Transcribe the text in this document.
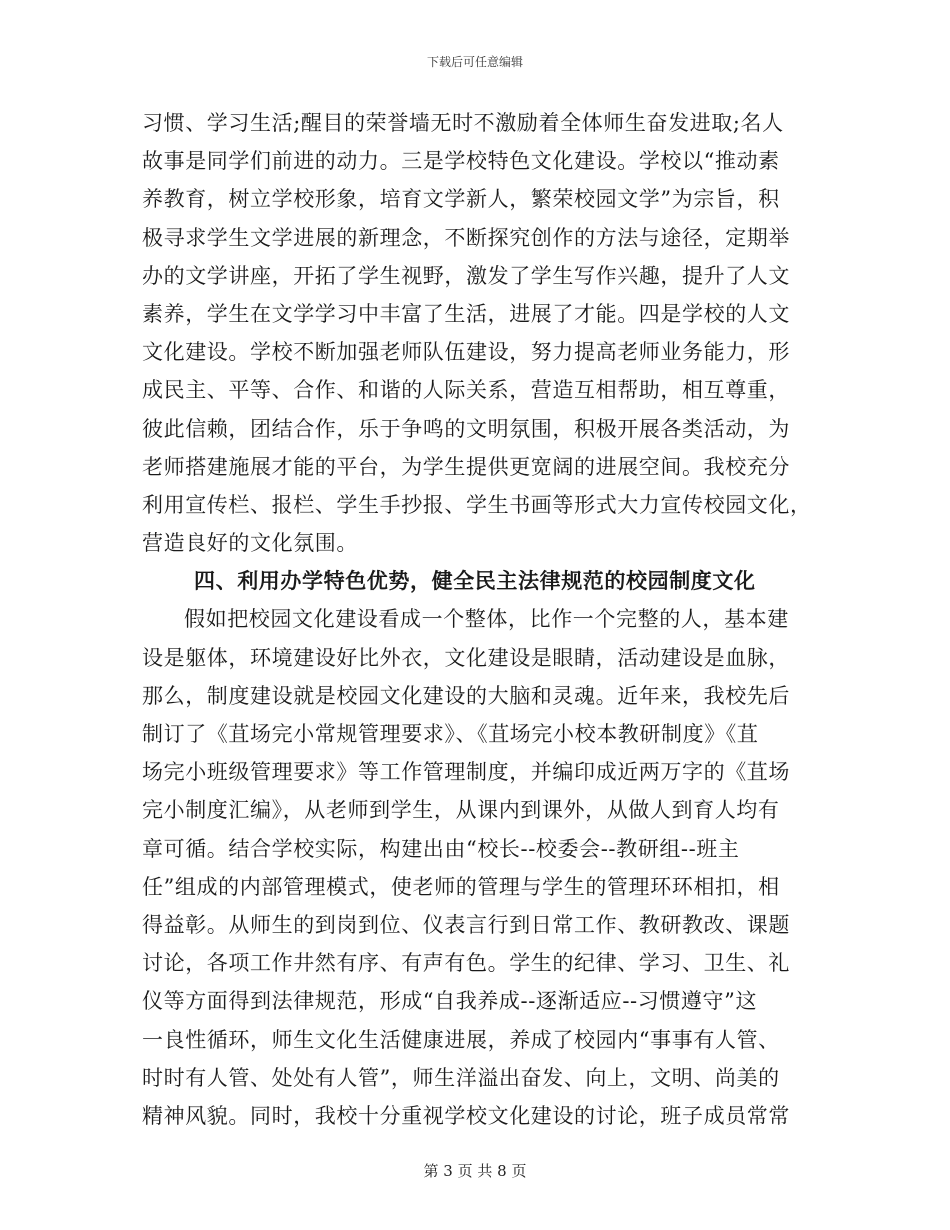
下载后可任意编辑
习惯、学习生活;醒目的荣誉墙无时不激励着全体师生奋发进取;名人
故事是同学们前进的动力。三是学校特色文化建设。学校以“推动素
养教育，树立学校形象，培育文学新人，繁荣校园文学”为宗旨，积
极寻求学生文学进展的新理念，不断探究创作的方法与途径，定期举
办的文学讲座，开拓了学生视野，激发了学生写作兴趣，提升了人文
素养，学生在文学学习中丰富了生活，进展了才能。四是学校的人文
文化建设。学校不断加强老师队伍建设，努力提高老师业务能力，形
成民主、平等、合作、和谐的人际关系，营造互相帮助，相互尊重，
彼此信赖，团结合作，乐于争鸣的文明氛围，积极开展各类活动，为
老师搭建施展才能的平台，为学生提供更宽阔的进展空间。我校充分
利用宣传栏、报栏、学生手抄报、学生书画等形式大力宣传校园文化，
营造良好的文化氛围。
四、利用办学特色优势，健全民主法律规范的校园制度文化
假如把校园文化建设看成一个整体，比作一个完整的人，基本建
设是躯体，环境建设好比外衣，文化建设是眼睛，活动建设是血脉，
那么，制度建设就是校园文化建设的大脑和灵魂。近年来，我校先后
制订了《苴场完小常规管理要求》、《苴场完小校本教研制度》《苴
场完小班级管理要求》等工作管理制度，并编印成近两万字的《苴场
完小制度汇编》，从老师到学生，从课内到课外，从做人到育人均有
章可循。结合学校实际，构建出由“校长--校委会--教研组--班主
任”组成的内部管理模式，使老师的管理与学生的管理环环相扣，相
得益彰。从师生的到岗到位、仪表言行到日常工作、教研教改、课题
讨论，各项工作井然有序、有声有色。学生的纪律、学习、卫生、礼
仪等方面得到法律规范，形成“自我养成--逐渐适应--习惯遵守”这
一良性循环，师生文化生活健康进展，养成了校园内“事事有人管、
时时有人管、处处有人管”，师生洋溢出奋发、向上，文明、尚美的
精神风貌。同时，我校十分重视学校文化建设的讨论，班子成员常常
第 3 页 共 8 页
